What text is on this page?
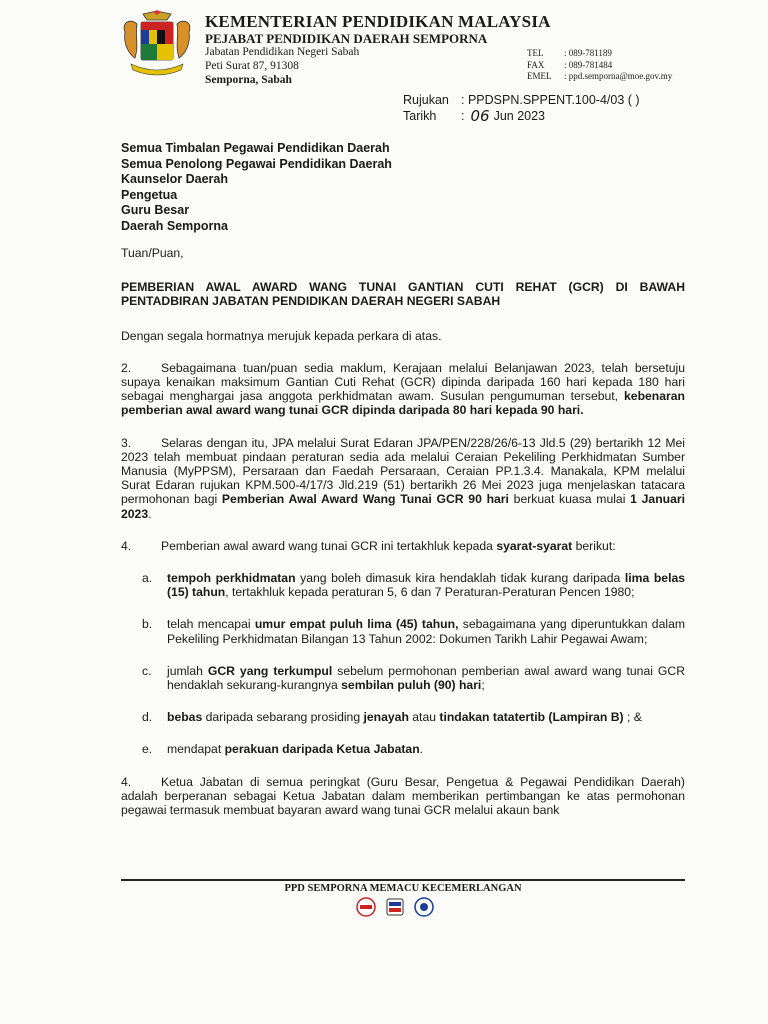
KEMENTERIAN PENDIDIKAN MALAYSIA
PEJABAT PENDIDIKAN DAERAH SEMPORNA
Jabatan Pendidikan Negeri Sabah
Peti Surat 87, 91308
Semporna, Sabah
TEL	: 089-781189
FAX	: 089-781484
EMEL	: ppd.semporna@moe.gov.my
Rujukan : PPDSPN.SPPENT.100-4/03 ( )
Tarikh	: 06 Jun 2023
Semua Timbalan Pegawai Pendidikan Daerah
Semua Penolong Pegawai Pendidikan Daerah
Kaunselor Daerah
Pengetua
Guru Besar
Daerah Semporna
Tuan/Puan,
PEMBERIAN AWAL AWARD WANG TUNAI GANTIAN CUTI REHAT (GCR) DI BAWAH PENTADBIRAN JABATAN PENDIDIKAN DAERAH NEGERI SABAH
Dengan segala hormatnya merujuk kepada perkara di atas.
2. Sebagaimana tuan/puan sedia maklum, Kerajaan melalui Belanjawan 2023, telah bersetuju supaya kenaikan maksimum Gantian Cuti Rehat (GCR) dipinda daripada 160 hari kepada 180 hari sebagai menghargai jasa anggota perkhidmatan awam. Susulan pengumuman tersebut, kebenaran pemberian awal award wang tunai GCR dipinda daripada 80 hari kepada 90 hari.
3. Selaras dengan itu, JPA melalui Surat Edaran JPA/PEN/228/26/6-13 Jld.5 (29) bertarikh 12 Mei 2023 telah membuat pindaan peraturan sedia ada melalui Ceraian Pekeliling Perkhidmatan Sumber Manusia (MyPPSM), Persaraan dan Faedah Persaraan, Ceraian PP.1.3.4. Manakala, KPM melalui Surat Edaran rujukan KPM.500-4/17/3 Jld.219 (51) bertarikh 26 Mei 2023 juga menjelaskan tatacara permohonan bagi Pemberian Awal Award Wang Tunai GCR 90 hari berkuat kuasa mulai 1 Januari 2023.
4.	Pemberian awal award wang tunai GCR ini tertakhluk kepada syarat-syarat berikut:
a.	tempoh perkhidmatan yang boleh dimasuk kira hendaklah tidak kurang daripada lima belas (15) tahun, tertakhluk kepada peraturan 5, 6 dan 7 Peraturan-Peraturan Pencen 1980;
b.	telah mencapai umur empat puluh lima (45) tahun, sebagaimana yang diperuntukkan dalam Pekeliling Perkhidmatan Bilangan 13 Tahun 2002: Dokumen Tarikh Lahir Pegawai Awam;
c.	jumlah GCR yang terkumpul sebelum permohonan pemberian awal award wang tunai GCR hendaklah sekurang-kurangnya sembilan puluh (90) hari;
d.	bebas daripada sebarang prosiding jenayah atau tindakan tatatertib (Lampiran B) ; &
e.	mendapat perakuan daripada Ketua Jabatan.
4. Ketua Jabatan di semua peringkat (Guru Besar, Pengetua & Pegawai Pendidikan Daerah) adalah berperanan sebagai Ketua Jabatan dalam memberikan pertimbangan ke atas permohonan pegawai termasuk membuat bayaran award wang tunai GCR melalui akaun bank
PPD SEMPORNA MEMACU KECEMERLANGAN
